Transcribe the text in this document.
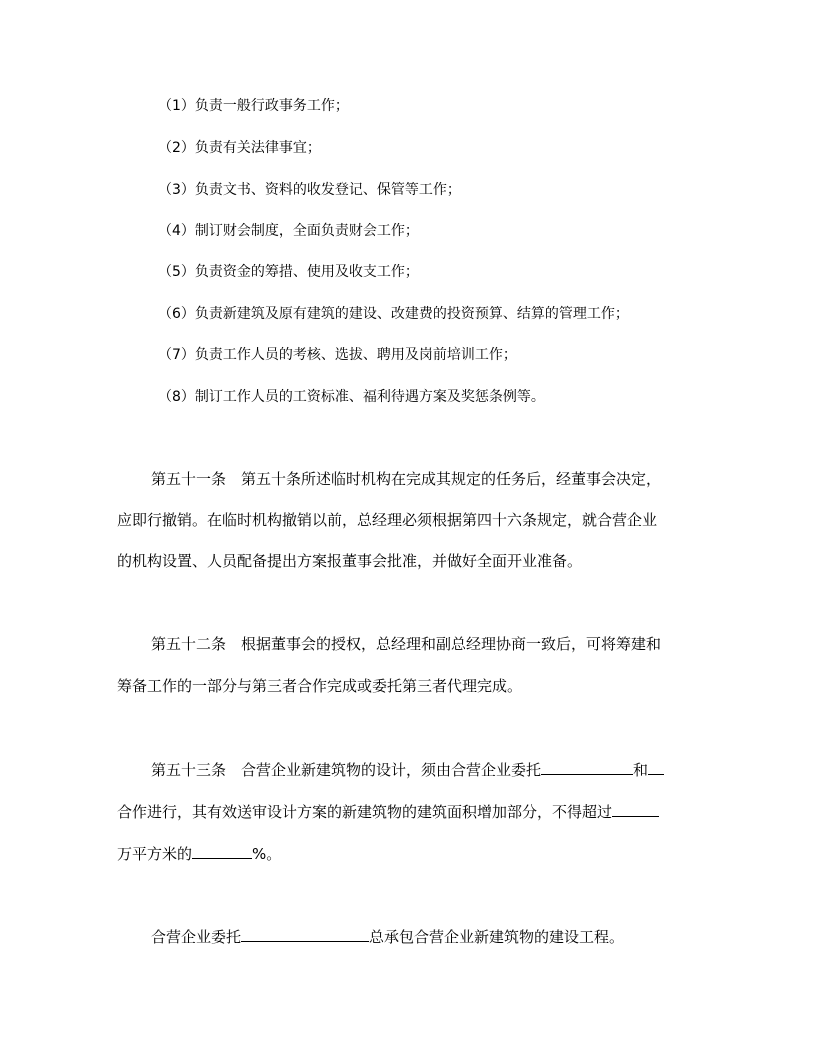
（1）负责一般行政事务工作；
（2）负责有关法律事宜；
（3）负责文书、资料的收发登记、保管等工作；
（4）制订财会制度，全面负责财会工作；
（5）负责资金的筹措、使用及收支工作；
（6）负责新建筑及原有建筑的建设、改建费的投资预算、结算的管理工作；
（7）负责工作人员的考核、选拔、聘用及岗前培训工作；
（8）制订工作人员的工资标准、福利待遇方案及奖惩条例等。
第五十一条　第五十条所述临时机构在完成其规定的任务后，经董事会决定，
应即行撤销。在临时机构撤销以前，总经理必须根据第四十六条规定，就合营企业
的机构设置、人员配备提出方案报董事会批准，并做好全面开业准备。
第五十二条　根据董事会的授权，总经理和副总经理协商一致后，可将筹建和
筹备工作的一部分与第三者合作完成或委托第三者代理完成。
第五十三条　合营企业新建筑物的设计，须由合营企业委托	和
合作进行，其有效送审设计方案的新建筑物的建筑面积增加部分，不得超过
万平方米的	%。
合营企业委托	总承包合营企业新建筑物的建设工程。
